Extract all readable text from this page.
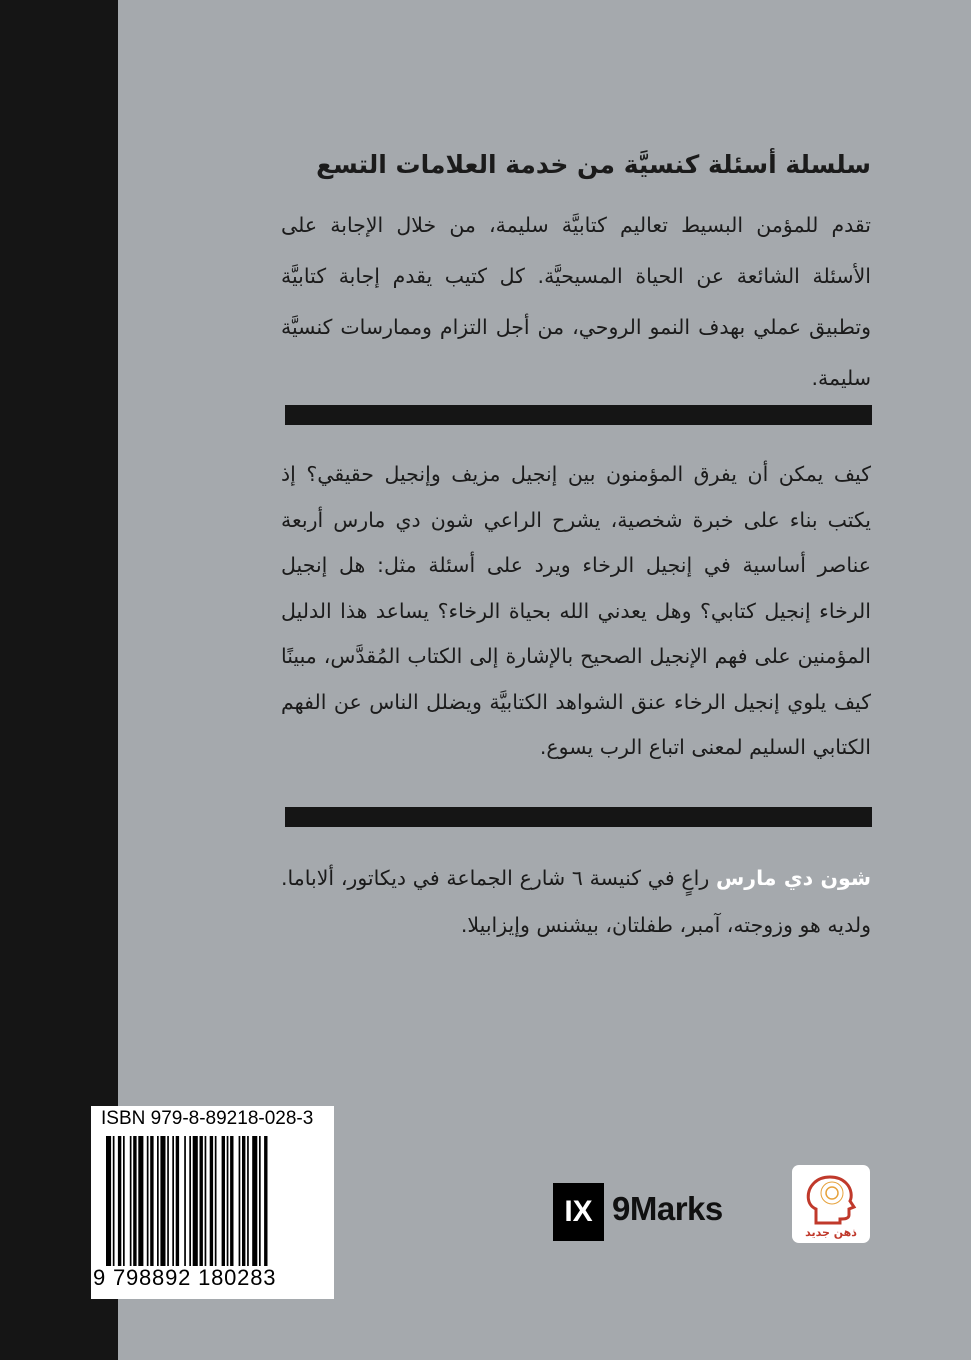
سلسلة أسئلة كنسيَّة من خدمة العلامات التسع
تقدم للمؤمن البسيط تعاليم كتابيَّة سليمة، من خلال الإجابة على الأسئلة الشائعة عن الحياة المسيحيَّة. كل كتيب يقدم إجابة كتابيَّة وتطبيق عملي بهدف النمو الروحي، من أجل التزام وممارسات كنسيَّة سليمة.
كيف يمكن أن يفرق المؤمنون بين إنجيل مزيف وإنجيل حقيقي؟ إذ يكتب بناء على خبرة شخصية، يشرح الراعي شون دي مارس أربعة عناصر أساسية في إنجيل الرخاء ويرد على أسئلة مثل: هل إنجيل الرخاء إنجيل كتابي؟ وهل يعدني الله بحياة الرخاء؟ يساعد هذا الدليل المؤمنين على فهم الإنجيل الصحيح بالإشارة إلى الكتاب المُقدَّس، مبينًا كيف يلوي إنجيل الرخاء عنق الشواهد الكتابيَّة ويضلل الناس عن الفهم الكتابي السليم لمعنى اتباع الرب يسوع.
شون دي مارس راعٍ في كنيسة ٦ شارع الجماعة في ديكاتور، ألاباما. ولديه هو وزوجته، آمبر، طفلتان، بيشنس وإيزابيلا.
ISBN 979-8-89218-028-3
9 798892 180283
IX 9Marks
ذهن جديد
